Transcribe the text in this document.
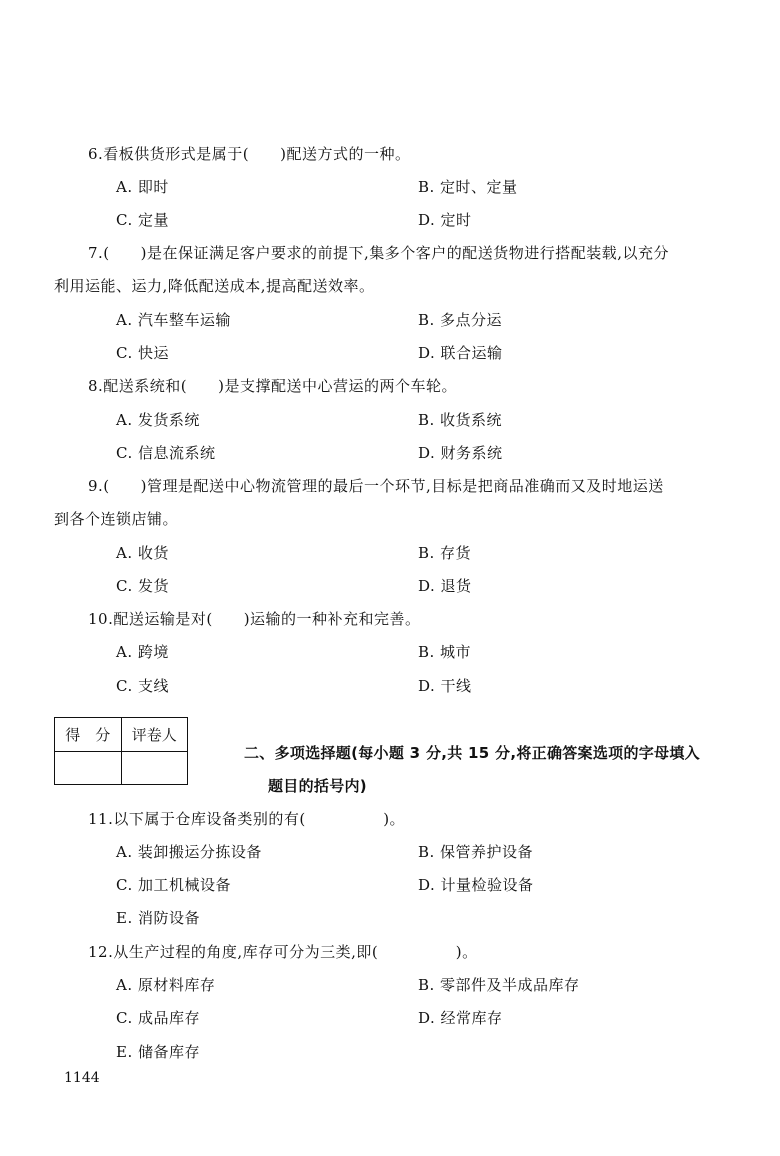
6.看板供货形式是属于(　　)配送方式的一种。
A. 即时	B. 定时、定量
C. 定量	D. 定时
7.(　　)是在保证满足客户要求的前提下,集多个客户的配送货物进行搭配装载,以充分
利用运能、运力,降低配送成本,提高配送效率。
A. 汽车整车运输	B. 多点分运
C. 快运	D. 联合运输
8.配送系统和(　　)是支撑配送中心营运的两个车轮。
A. 发货系统	B. 收货系统
C. 信息流系统	D. 财务系统
9.(　　)管理是配送中心物流管理的最后一个环节,目标是把商品准确而又及时地运送
到各个连锁店铺。
A. 收货	B. 存货
C. 发货	D. 退货
10.配送运输是对(　　)运输的一种补充和完善。
A. 跨境	B. 城市
C. 支线	D. 干线
得　分	评卷人

二、多项选择题(每小题 3 分,共 15 分,将正确答案选项的字母填入
题目的括号内)
11.以下属于仓库设备类别的有(　　　　　)。
A. 装卸搬运分拣设备	B. 保管养护设备
C. 加工机械设备	D. 计量检验设备
E. 消防设备
12.从生产过程的角度,库存可分为三类,即(　　　　　)。
A. 原材料库存	B. 零部件及半成品库存
C. 成品库存	D. 经常库存
E. 储备库存
1144
